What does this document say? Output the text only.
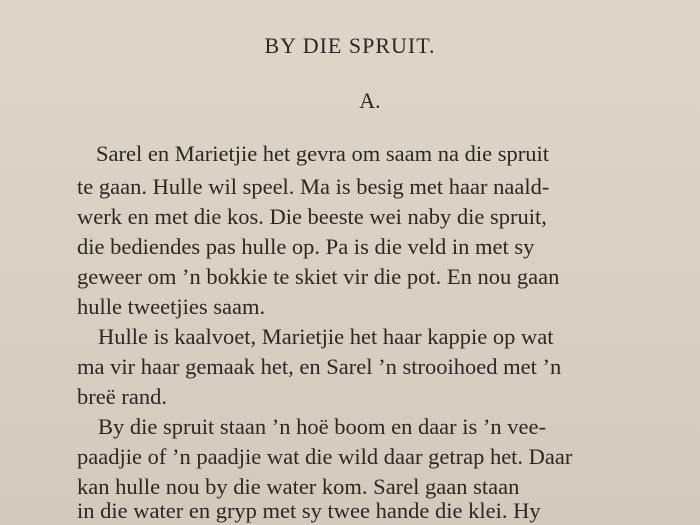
BY DIE SPRUIT.
A.
Sarel en Marietjie het gevra om saam na die spruit
te gaan. Hulle wil speel. Ma is besig met haar naald-
werk en met die kos. Die beeste wei naby die spruit,
die bediendes pas hulle op. Pa is die veld in met sy
geweer om ’n bokkie te skiet vir die pot. En nou gaan
hulle tweetjies saam.
Hulle is kaalvoet, Marietjie het haar kappie op wat
ma vir haar gemaak het, en Sarel ’n strooihoed met ’n
breë rand.
By die spruit staan ’n hoë boom en daar is ’n vee-
paadjie of ’n paadjie wat die wild daar getrap het. Daar
kan hulle nou by die water kom. Sarel gaan staan
in die water en gryp met sy twee hande die klei. Hy
